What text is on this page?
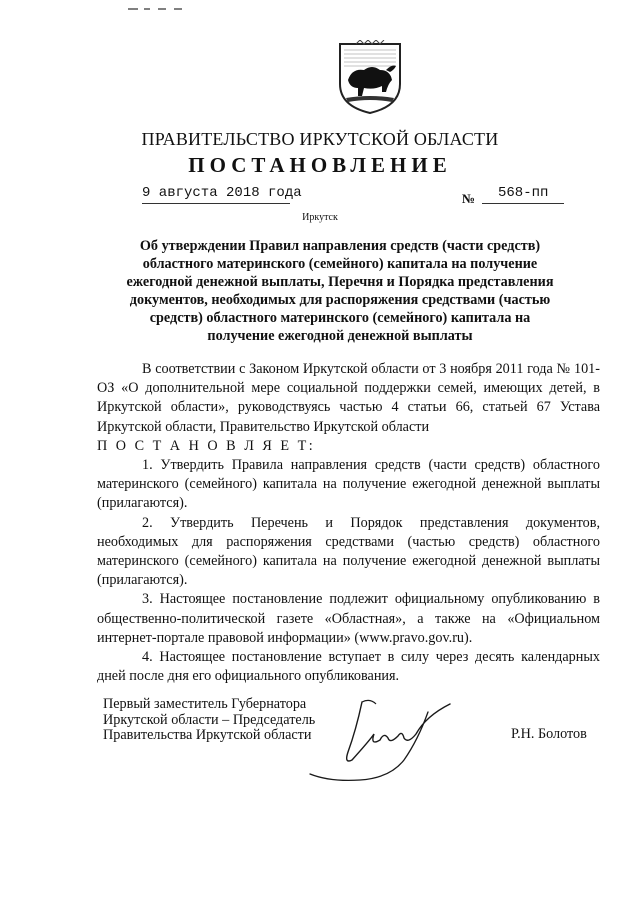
ПРАВИТЕЛЬСТВО ИРКУТСКОЙ ОБЛАСТИ
ПОСТАНОВЛЕНИЕ
9 августа 2018 года	№ 568-пп
Иркутск
Об утверждении Правил направления средств (части средств)
областного материнского (семейного) капитала на получение
ежегодной денежной выплаты, Перечня и Порядка представления
документов, необходимых для распоряжения средствами (частью
средств) областного материнского (семейного) капитала на
получение ежегодной денежной выплаты
В соответствии с Законом Иркутской области от 3 ноября 2011 года № 101-ОЗ «О дополнительной мере социальной поддержки семей, имеющих детей, в Иркутской области», руководствуясь частью 4 статьи 66, статьей 67 Устава Иркутской области, Правительство Иркутской области
П О С Т А Н О В Л Я Е Т:
1. Утвердить Правила направления средств (части средств) областного материнского (семейного) капитала на получение ежегодной денежной выплаты (прилагаются).
2. Утвердить Перечень и Порядок представления документов, необходимых для распоряжения средствами (частью средств) областного материнского (семейного) капитала на получение ежегодной денежной выплаты (прилагаются).
3. Настоящее постановление подлежит официальному опубликованию в общественно-политической газете «Областная», а также на «Официальном интернет-портале правовой информации» (www.pravo.gov.ru).
4. Настоящее постановление вступает в силу через десять календарных дней после дня его официального опубликования.
Первый заместитель Губернатора
Иркутской области – Председатель
Правительства Иркутской области	Р.Н. Болотов
